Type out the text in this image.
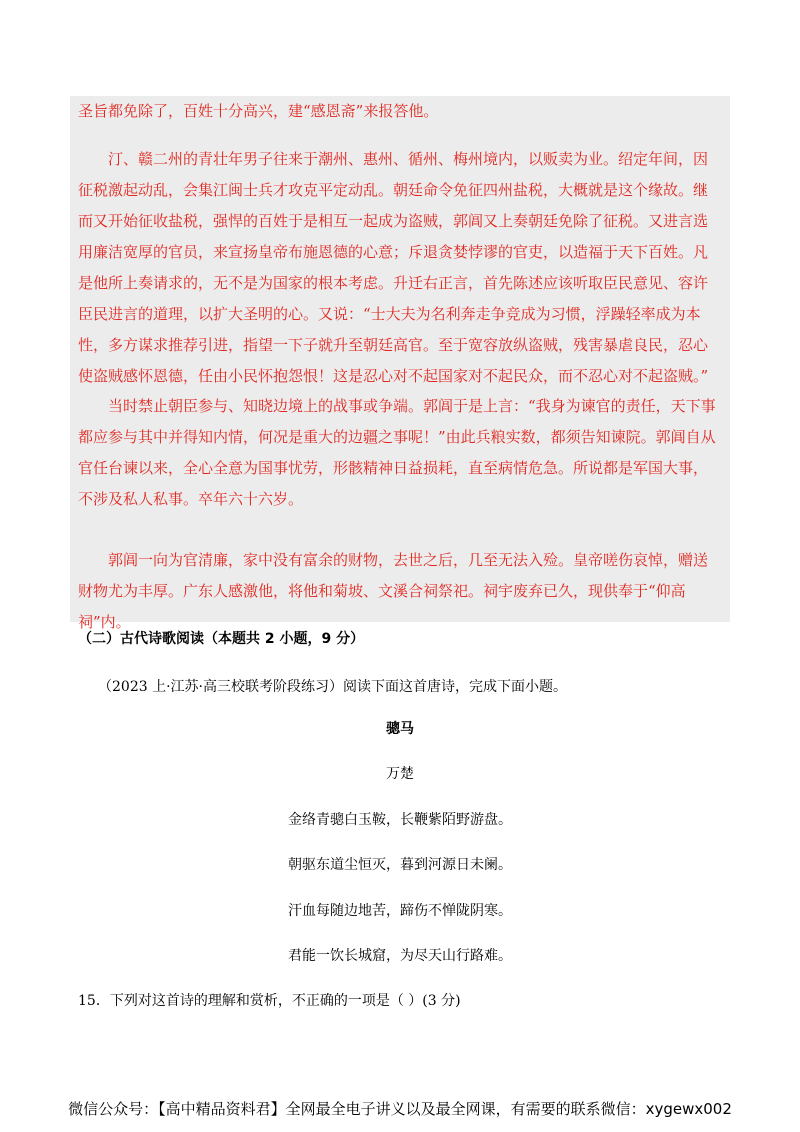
圣旨都免除了，百姓十分高兴，建“感恩斋”来报答他。

汀、赣二州的青壮年男子往来于潮州、惠州、循州、梅州境内，以贩卖为业。绍定年间，因征税激起动乱，会集江闽士兵才攻克平定动乱。朝廷命令免征四州盐税，大概就是这个缘故。继而又开始征收盐税，强悍的百姓于是相互一起成为盗贼，郭阊又上奏朝廷免除了征税。又进言选用廉洁宽厚的官员，来宣扬皇帝布施恩德的心意；斥退贪婪悖谬的官吏，以造福于天下百姓。凡是他所上奏请求的，无不是为国家的根本考虑。升迁右正言，首先陈述应该听取臣民意见、容许臣民进言的道理，以扩大圣明的心。又说：“士大夫为名利奔走争竞成为习惯，浮躁轻率成为本性，多方谋求推荐引进，指望一下子就升至朝廷高官。至于宽容放纵盗贼，残害暴虐良民，忍心使盗贼感怀恩德，任由小民怀抱怨恨！这是忍心对不起国家对不起民众，而不忍心对不起盗贼。”

当时禁止朝臣参与、知晓边境上的战事或争端。郭阊于是上言：“我身为谏官的责任，天下事都应参与其中并得知内情，何况是重大的边疆之事呢！”由此兵粮实数，都须告知谏院。郭阊自从官任台谏以来，全心全意为国事忧劳，形骸精神日益损耗，直至病情危急。所说都是军国大事，不涉及私人私事。卒年六十六岁。

郭阊一向为官清廉，家中没有富余的财物，去世之后，几至无法入殓。皇帝嗟伤哀悼，赠送财物尤为丰厚。广东人感激他，将他和菊坡、文溪合祠祭祀。祠宇废弃已久，现供奉于“仰高祠”内。

（二）古代诗歌阅读（本题共 2 小题，9 分）
（2023 上·江苏·高三校联考阶段练习）阅读下面这首唐诗，完成下面小题。
骢马
万楚
金络青骢白玉鞍，长鞭紫陌野游盘。
朝驱东道尘恒灭，暮到河源日未阑。
汗血每随边地苦，蹄伤不惮陇阴寒。
君能一饮长城窟，为尽天山行路难。
15．下列对这首诗的理解和赏析，不正确的一项是（ ）(3 分)
微信公众号：【高中精品资料君】全网最全电子讲义以及最全网课，有需要的联系微信：xygewx002
